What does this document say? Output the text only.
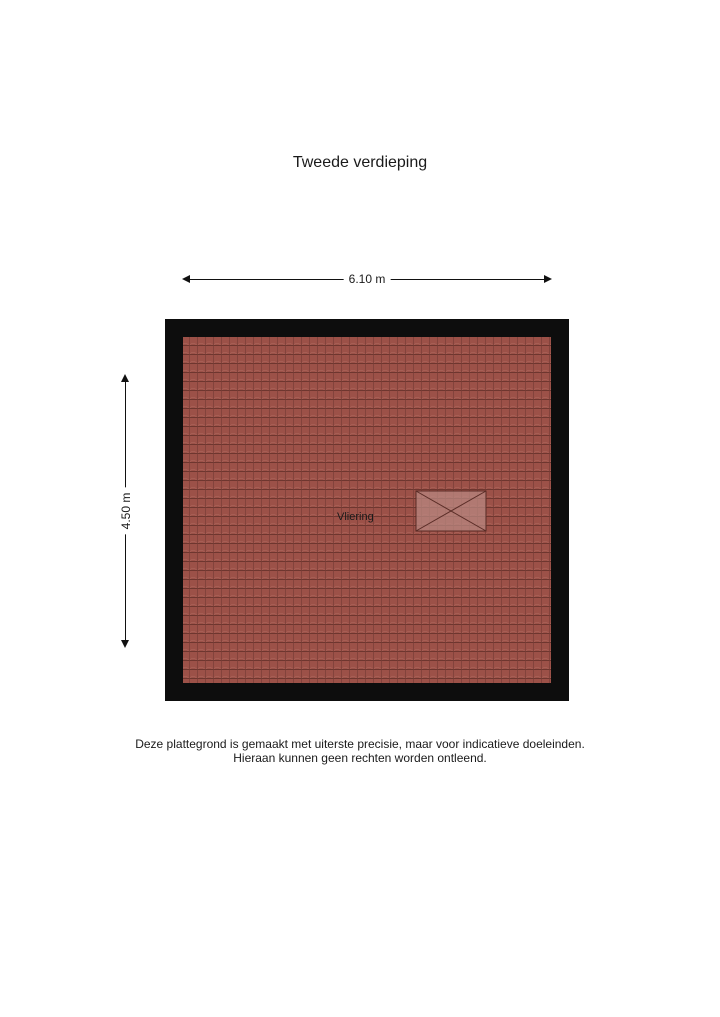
Tweede verdieping
6.10 m
4.50 m	Vliering
Deze plattegrond is gemaakt met uiterste precisie, maar voor indicatieve doeleinden.
Hieraan kunnen geen rechten worden ontleend.
